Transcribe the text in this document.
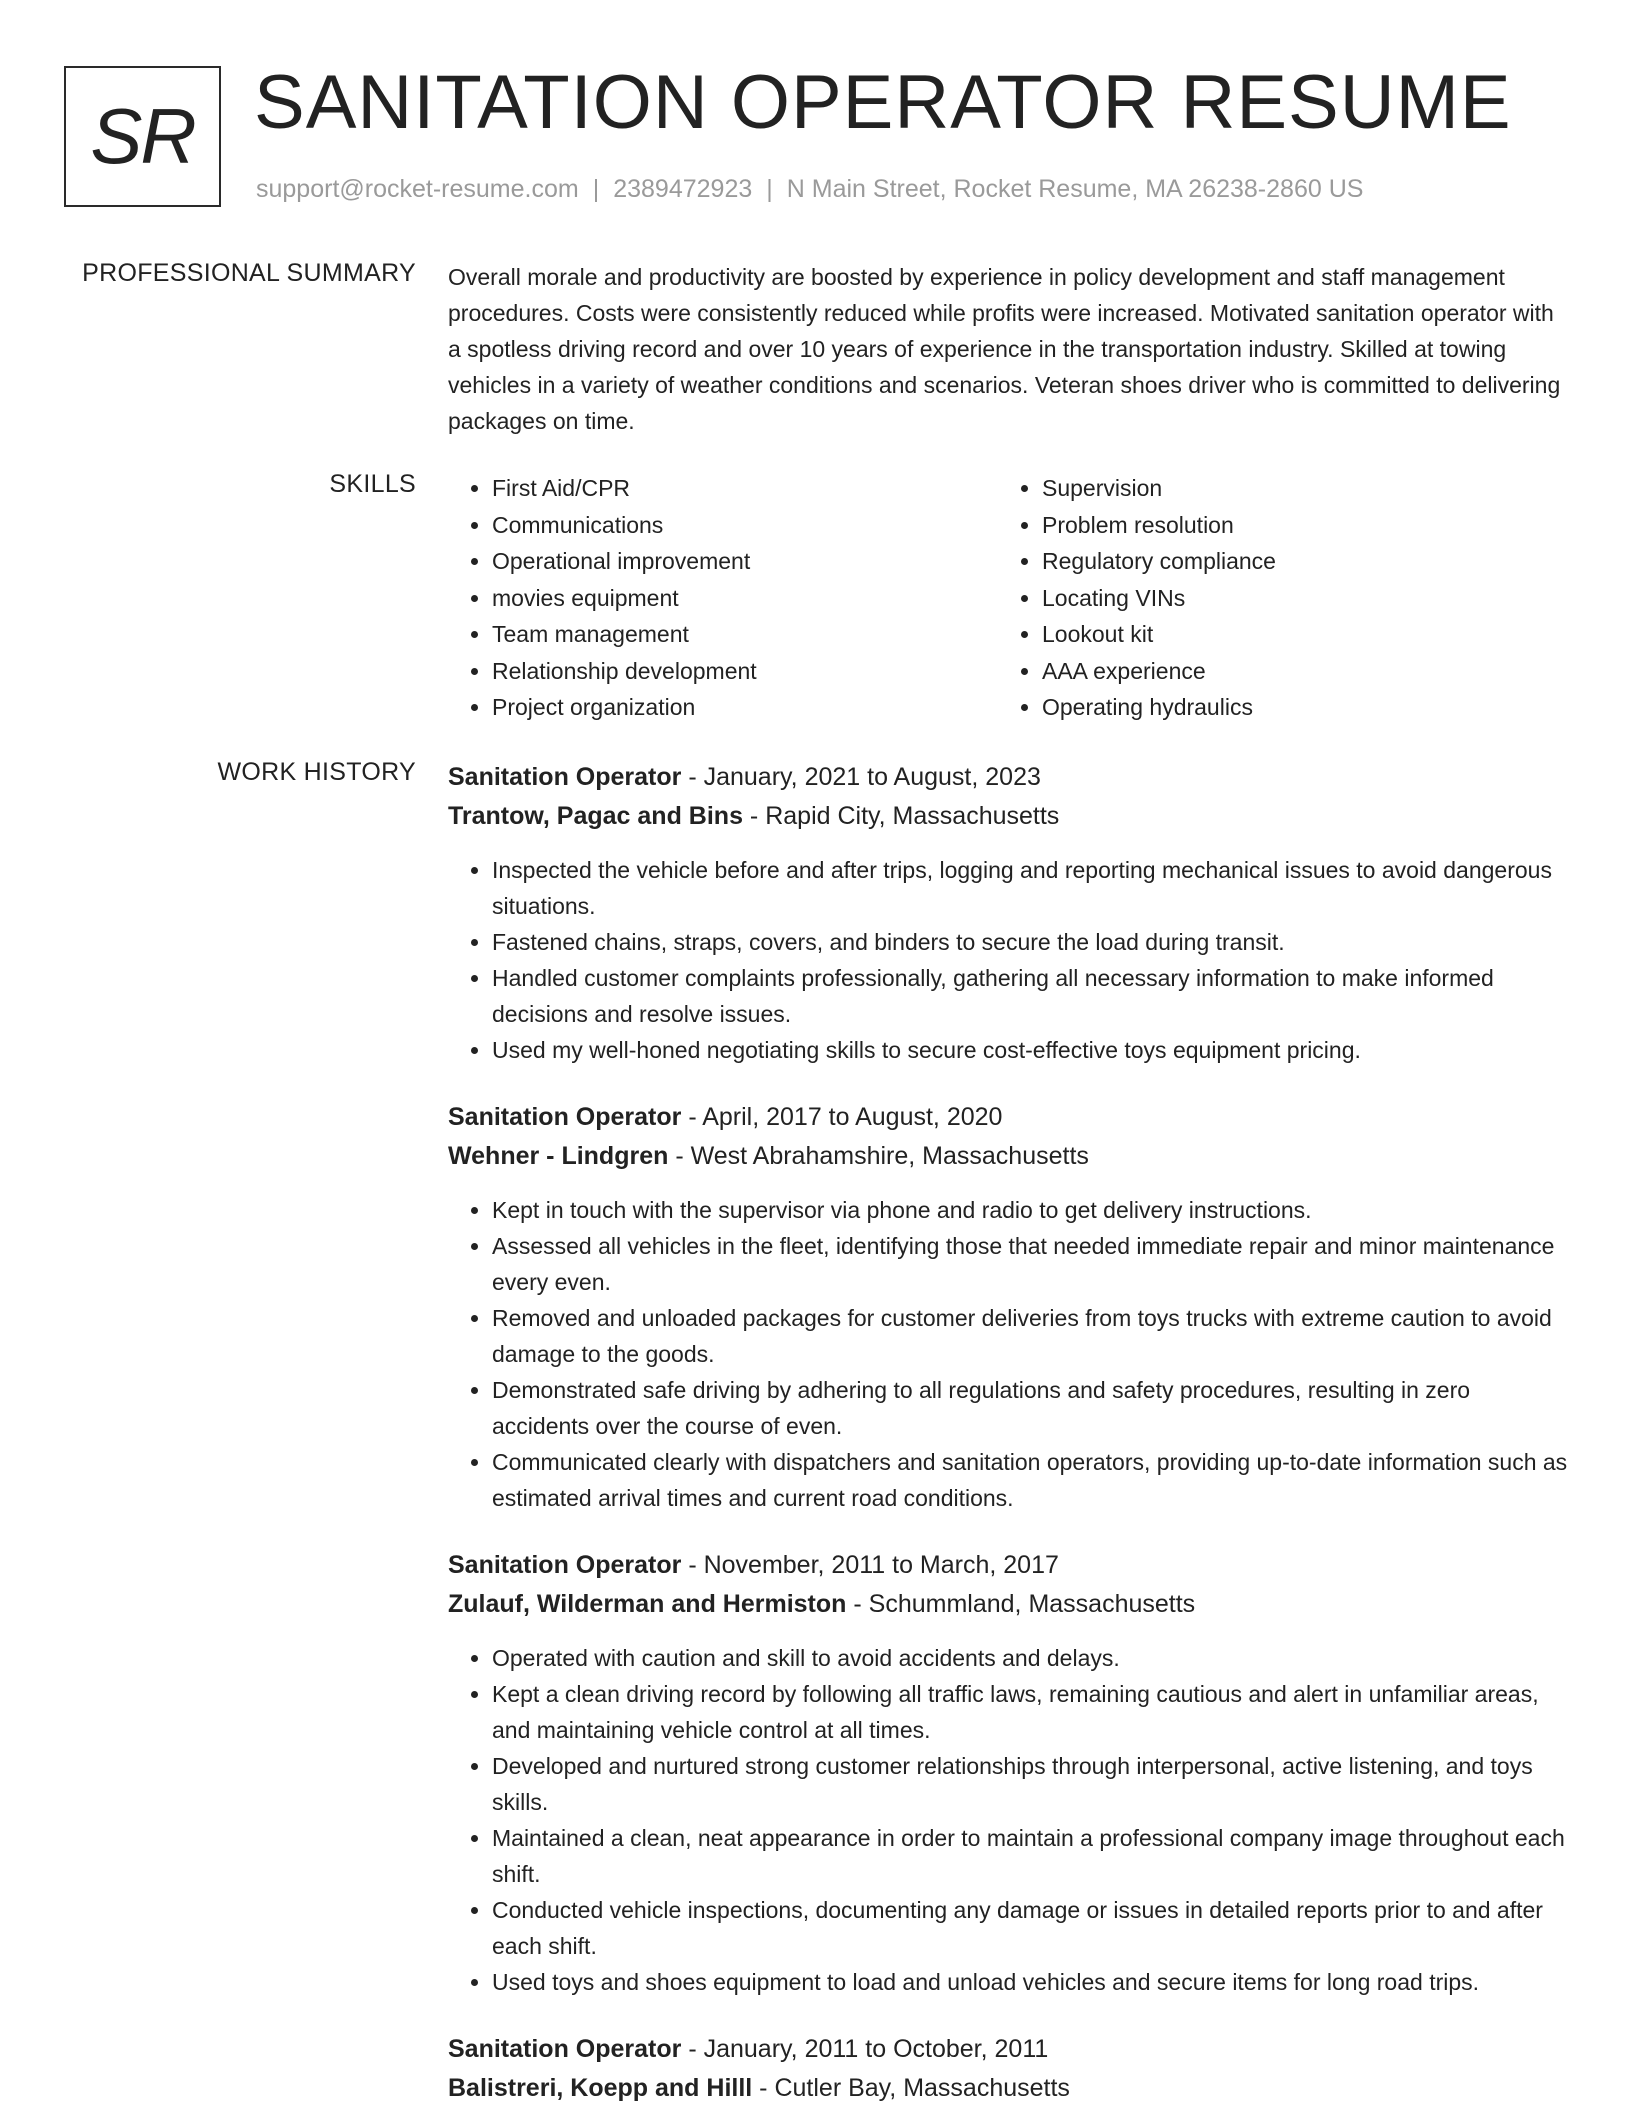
SR SANITATION OPERATOR RESUME
support@rocket-resume.com | 2389472923 | N Main Street, Rocket Resume, MA 26238-2860 US
PROFESSIONAL SUMMARY Overall morale and productivity are boosted by experience in policy development and staff management procedures. Costs were consistently reduced while profits were increased. Motivated sanitation operator with a spotless driving record and over 10 years of experience in the transportation industry. Skilled at towing vehicles in a variety of weather conditions and scenarios. Veteran shoes driver who is committed to delivering packages on time.

SKILLS
•	First Aid/CPR
• Communications
• Operational improvement
• movies equipment
• Team management
• Relationship development
• Project organization
• Supervision
• Problem resolution
• Regulatory compliance
• Locating VINs
• Lookout kit
• AAA experience
• Operating hydraulics
WORK HISTORY Sanitation Operator - January, 2021 to August, 2023
Trantow, Pagac and Bins - Rapid City, Massachusetts
• Inspected the vehicle before and after trips, logging and reporting mechanical issues to avoid dangerous situations.
• Fastened chains, straps, covers, and binders to secure the load during transit.
• Handled customer complaints professionally, gathering all necessary information to make informed decisions and resolve issues.
• Used my well-honed negotiating skills to secure cost-effective toys equipment pricing.
Sanitation Operator - April, 2017 to August, 2020
Wehner - Lindgren - West Abrahamshire, Massachusetts
• Kept in touch with the supervisor via phone and radio to get delivery instructions.
• Assessed all vehicles in the fleet, identifying those that needed immediate repair and minor maintenance every even.
• Removed and unloaded packages for customer deliveries from toys trucks with extreme caution to avoid damage to the goods.
• Demonstrated safe driving by adhering to all regulations and safety procedures, resulting in zero accidents over the course of even.
• Communicated clearly with dispatchers and sanitation operators, providing up-to-date information such as estimated arrival times and current road conditions.
Sanitation Operator - November, 2011 to March, 2017
Zulauf, Wilderman and Hermiston - Schummland, Massachusetts
• Operated with caution and skill to avoid accidents and delays.
• Kept a clean driving record by following all traffic laws, remaining cautious and alert in unfamiliar areas, and maintaining vehicle control at all times.
• Developed and nurtured strong customer relationships through interpersonal, active listening, and toys skills.
• Maintained a clean, neat appearance in order to maintain a professional company image throughout each shift.
• Conducted vehicle inspections, documenting any damage or issues in detailed reports prior to and after each shift.
• Used toys and shoes equipment to load and unload vehicles and secure items for long road trips.
Sanitation Operator - January, 2011 to October, 2011
Balistreri, Koepp and Hilll - Cutler Bay, Massachusetts
